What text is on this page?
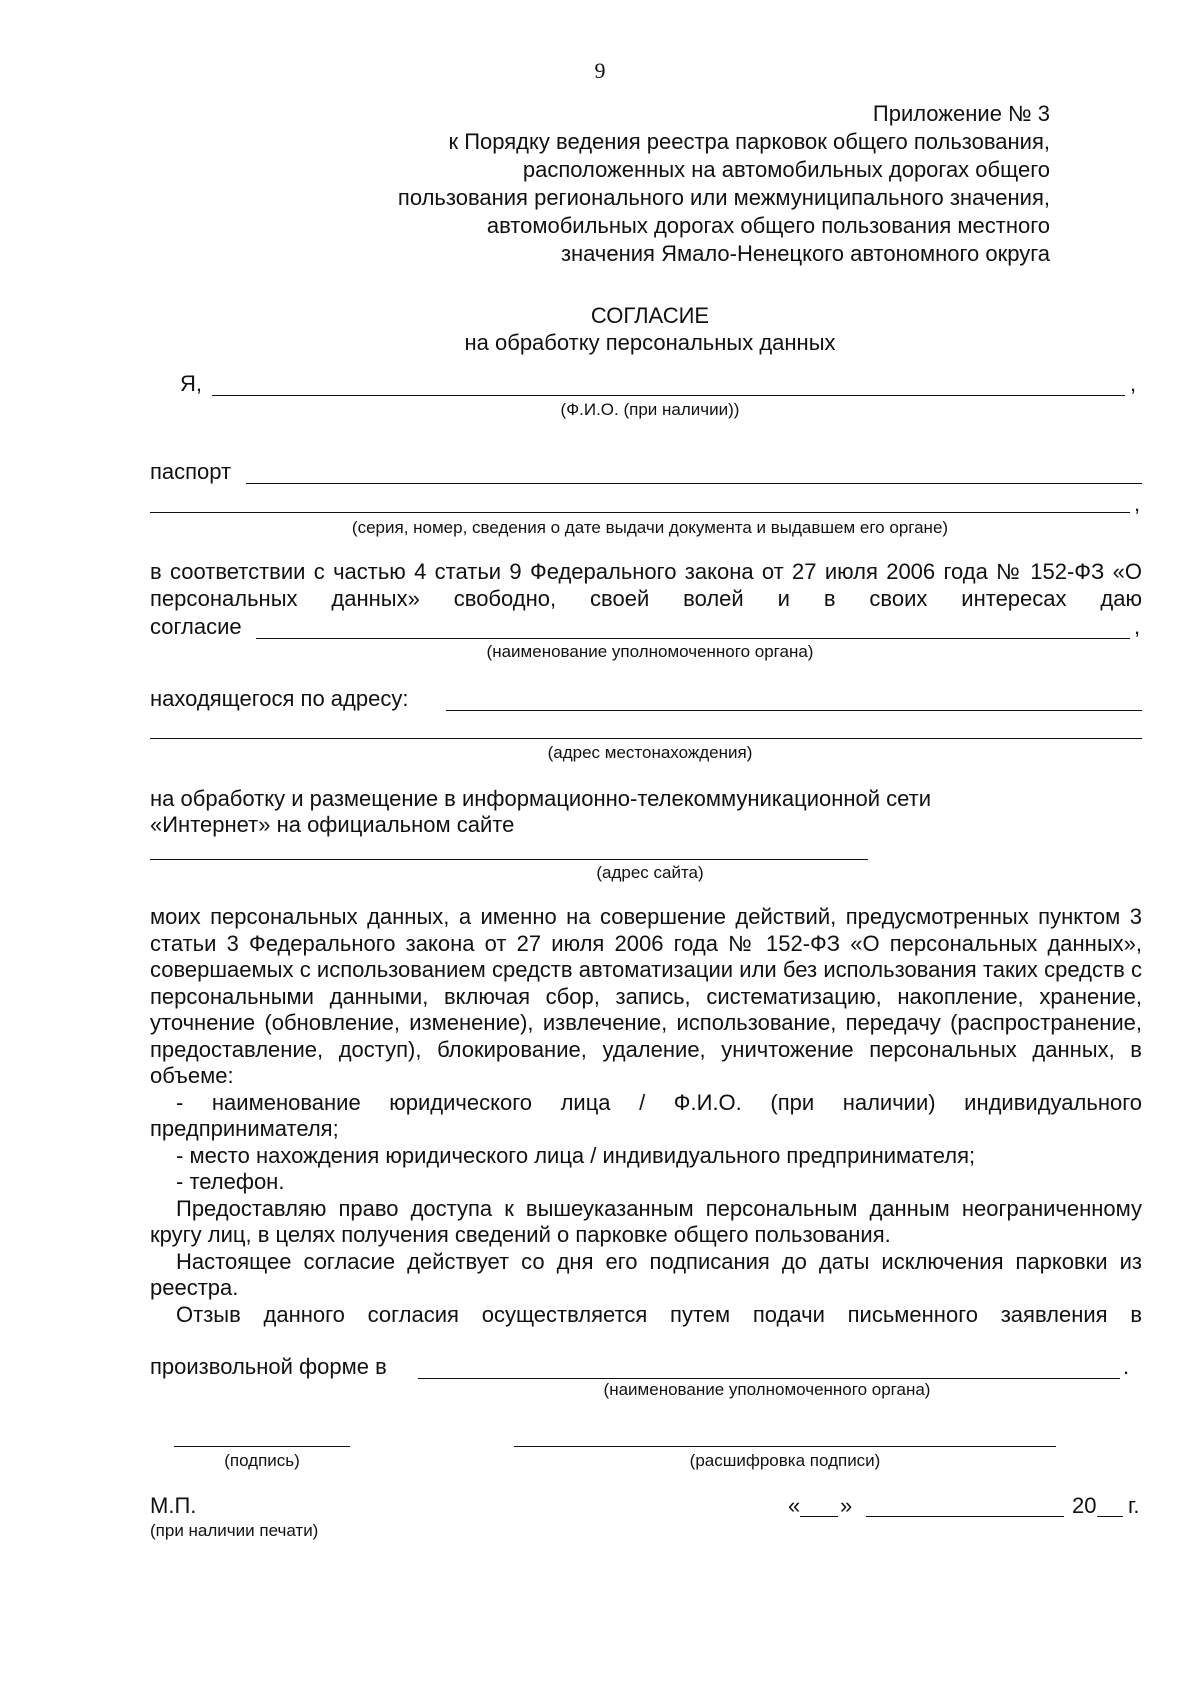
9
Приложение № 3
к Порядку ведения реестра парковок общего пользования,
расположенных на автомобильных дорогах общего
пользования регионального или межмуниципального значения,
автомобильных дорогах общего пользования местного
значения Ямало-Ненецкого автономного округа
СОГЛАСИЕ
на обработку персональных данных
Я,	,
(Ф.И.О. (при наличии))
паспорт
,
(серия, номер, сведения о дате выдачи документа и выдавшем его органе)
в соответствии с частью 4 статьи 9 Федерального закона от 27 июля 2006 года № 152-ФЗ «О персональных данных» свободно, своей волей и в своих интересах даю
согласие	,
(наименование уполномоченного органа)
находящегося по адресу:
(адрес местонахождения)
на обработку и размещение в информационно-телекоммуникационной сети
«Интернет» на официальном сайте
(адрес сайта)

моих персональных данных, а именно на совершение действий, предусмотренных пунктом 3 статьи 3 Федерального закона от 27 июля 2006 года № 152-ФЗ «О персональных данных», совершаемых с использованием средств автоматизации или без использования таких средств с персональными данными, включая сбор, запись, систематизацию, накопление, хранение, уточнение (обновление, изменение), извлечение, использование, передачу (распространение, предоставление, доступ), блокирование, удаление, уничтожение персональных данных, в объеме:

- наименование юридического лица / Ф.И.О. (при наличии) индивидуального предпринимателя;

- место нахождения юридического лица / индивидуального предпринимателя;

- телефон.

Предоставляю право доступа к вышеуказанным персональным данным неограниченному кругу лиц, в целях получения сведений о парковке общего пользования.

Настоящее согласие действует со дня его подписания до даты исключения парковки из реестра.

Отзыв данного согласия осуществляется путем подачи письменного заявления в

произвольной форме в	.
(наименование уполномоченного органа)
(подпись)	(расшифровка подписи)
М.П.
(при наличии печати)
« »	20 г.
